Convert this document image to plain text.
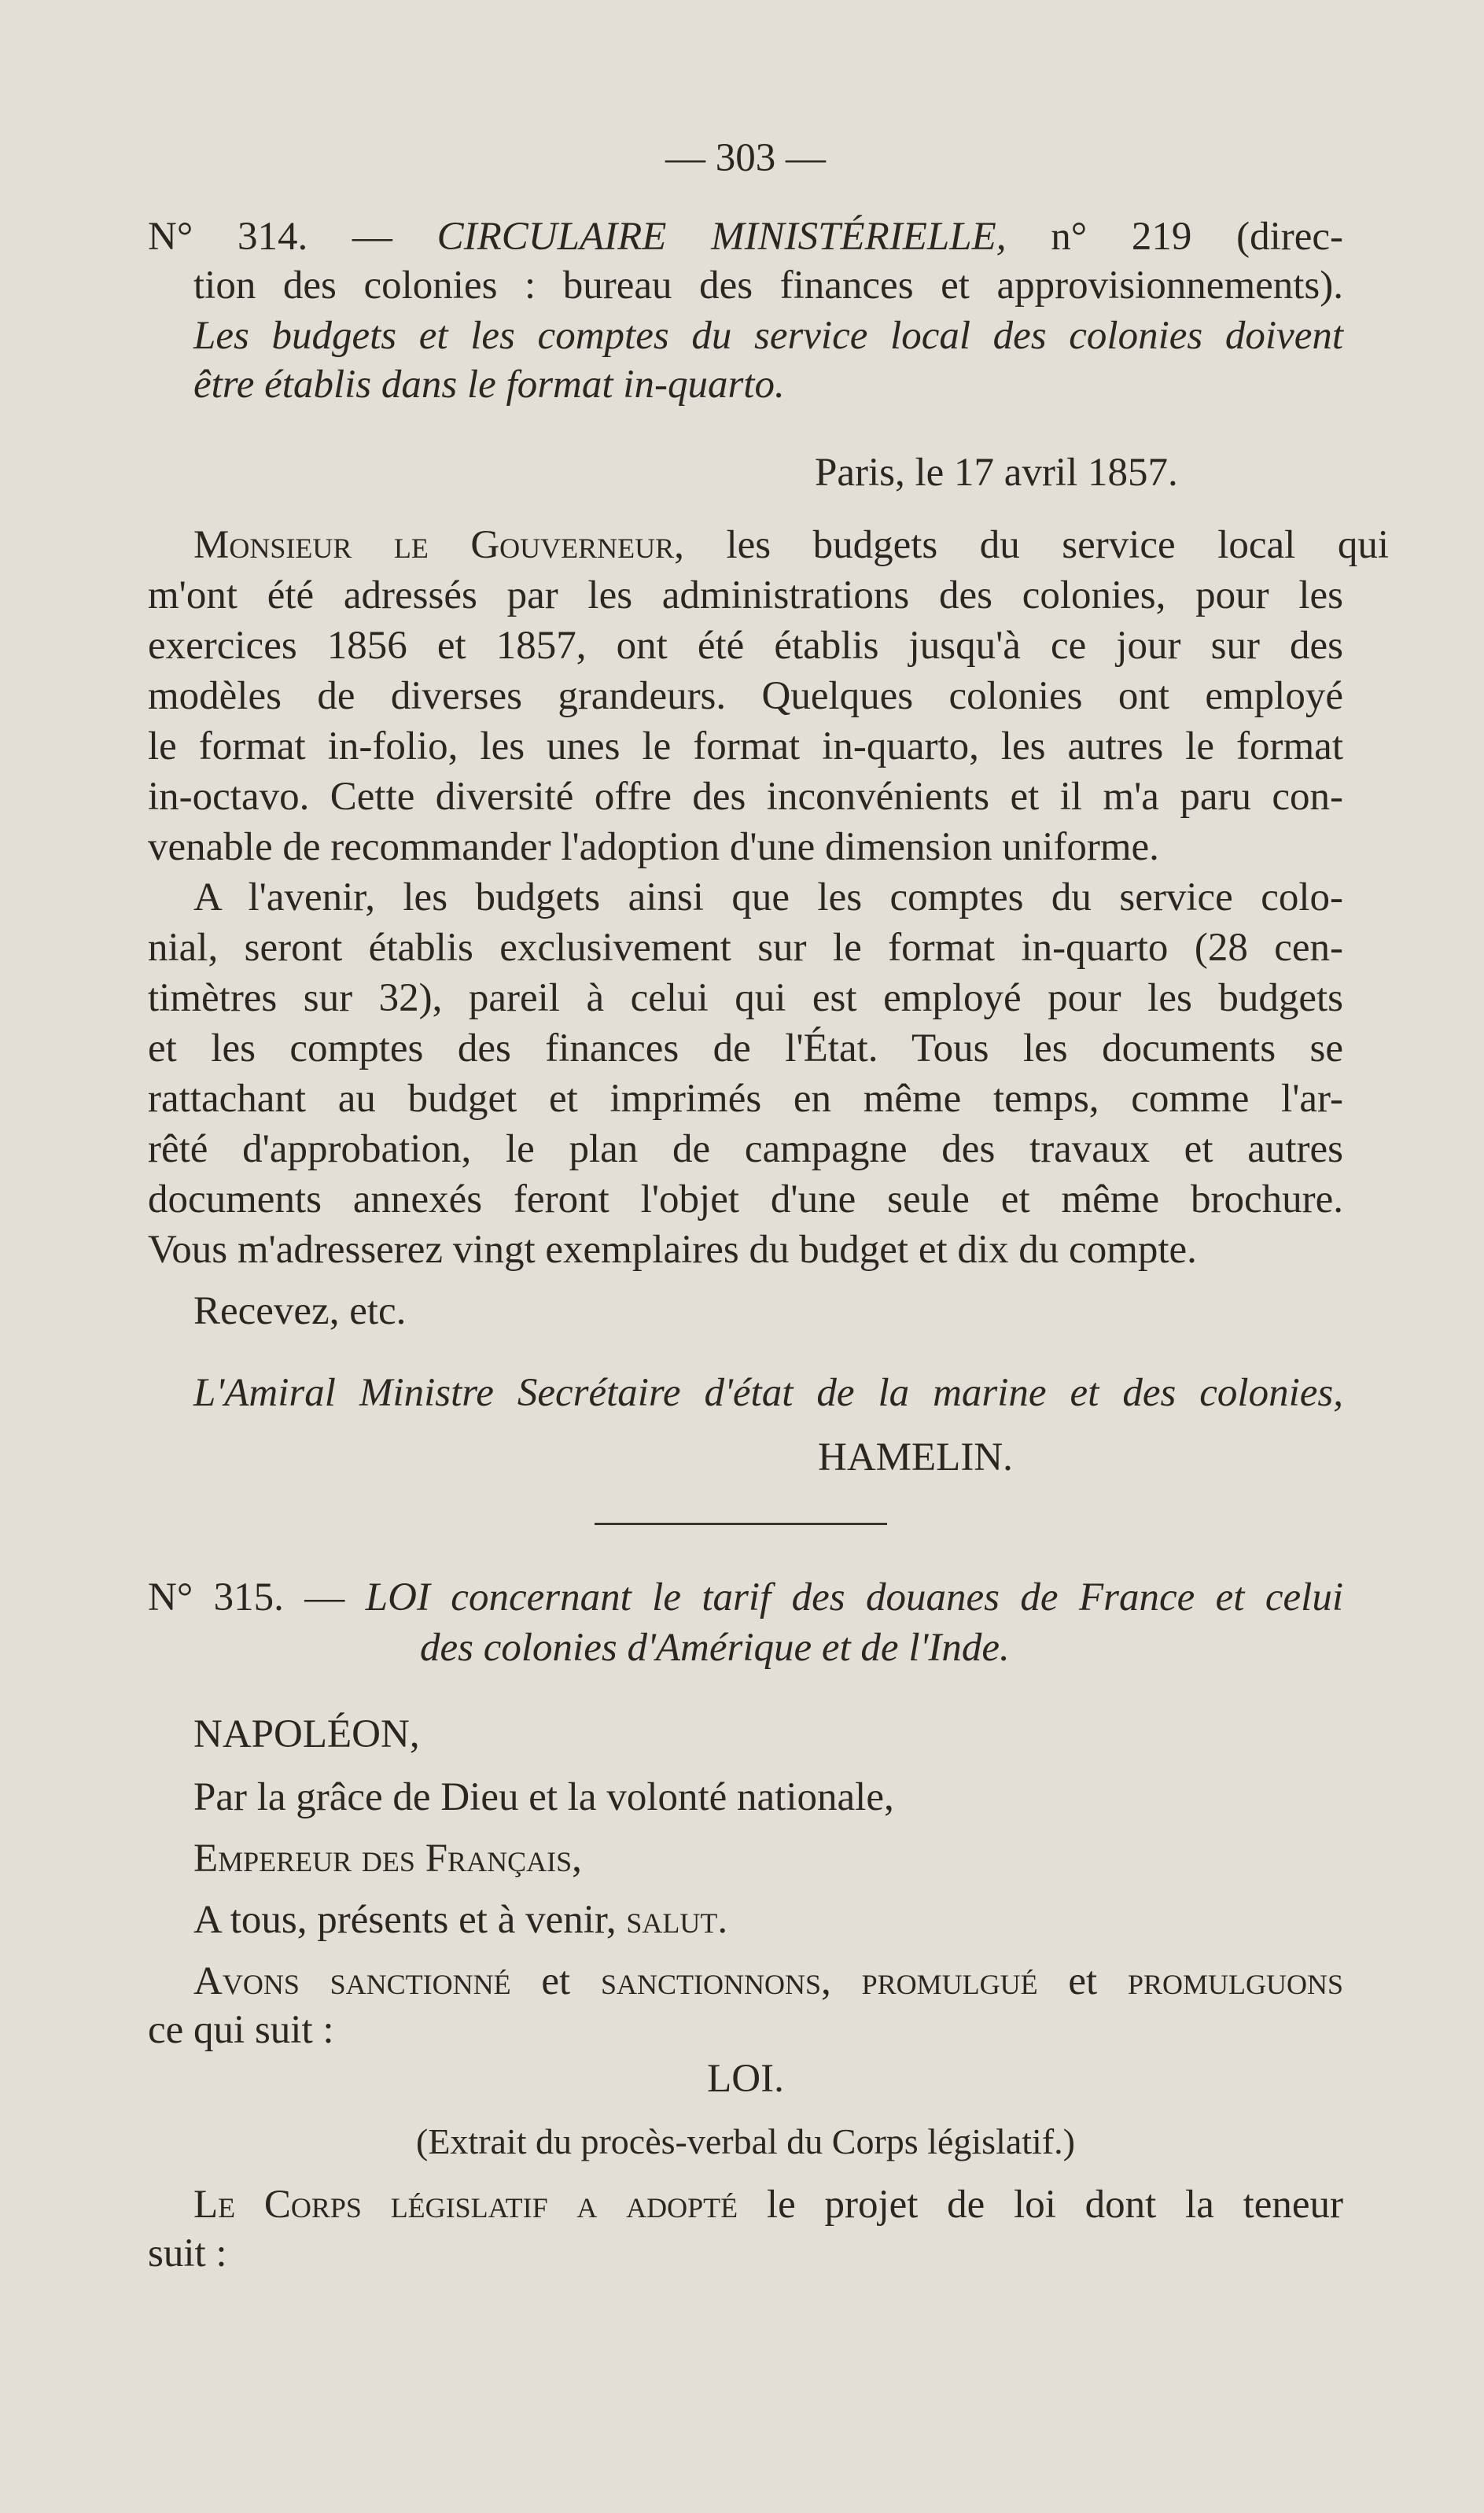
— 303 —
N° 314. — CIRCULAIRE MINISTÉRIELLE, n° 219 (direc-
tion des colonies : bureau des finances et approvisionnements).
Les budgets et les comptes du service local des colonies doivent
être établis dans le format in-quarto.
Paris, le 17 avril 1857.
Monsieur le Gouverneur, les budgets du service local qui
m'ont été adressés par les administrations des colonies, pour les
exercices 1856 et 1857, ont été établis jusqu'à ce jour sur des
modèles de diverses grandeurs. Quelques colonies ont employé
le format in-folio, les unes le format in-quarto, les autres le format
in-octavo. Cette diversité offre des inconvénients et il m'a paru con-
venable de recommander l'adoption d'une dimension uniforme.
A l'avenir, les budgets ainsi que les comptes du service colo-
nial, seront établis exclusivement sur le format in-quarto (28 cen-
timètres sur 32), pareil à celui qui est employé pour les budgets
et les comptes des finances de l'État. Tous les documents se
rattachant au budget et imprimés en même temps, comme l'ar-
rêté d'approbation, le plan de campagne des travaux et autres
documents annexés feront l'objet d'une seule et même brochure.
Vous m'adresserez vingt exemplaires du budget et dix du compte.
Recevez, etc.
L'Amiral Ministre Secrétaire d'état de la marine et des colonies,
HAMELIN.
N° 315. — LOI concernant le tarif des douanes de France et celui
des colonies d'Amérique et de l'Inde.
NAPOLÉON,
Par la grâce de Dieu et la volonté nationale,
Empereur des Français,
A tous, présents et à venir, salut.
Avons sanctionné et sanctionnons, promulgué et promulguons
ce qui suit :
LOI.
(Extrait du procès-verbal du Corps législatif.)
Le Corps législatif a adopté le projet de loi dont la teneur
suit :
